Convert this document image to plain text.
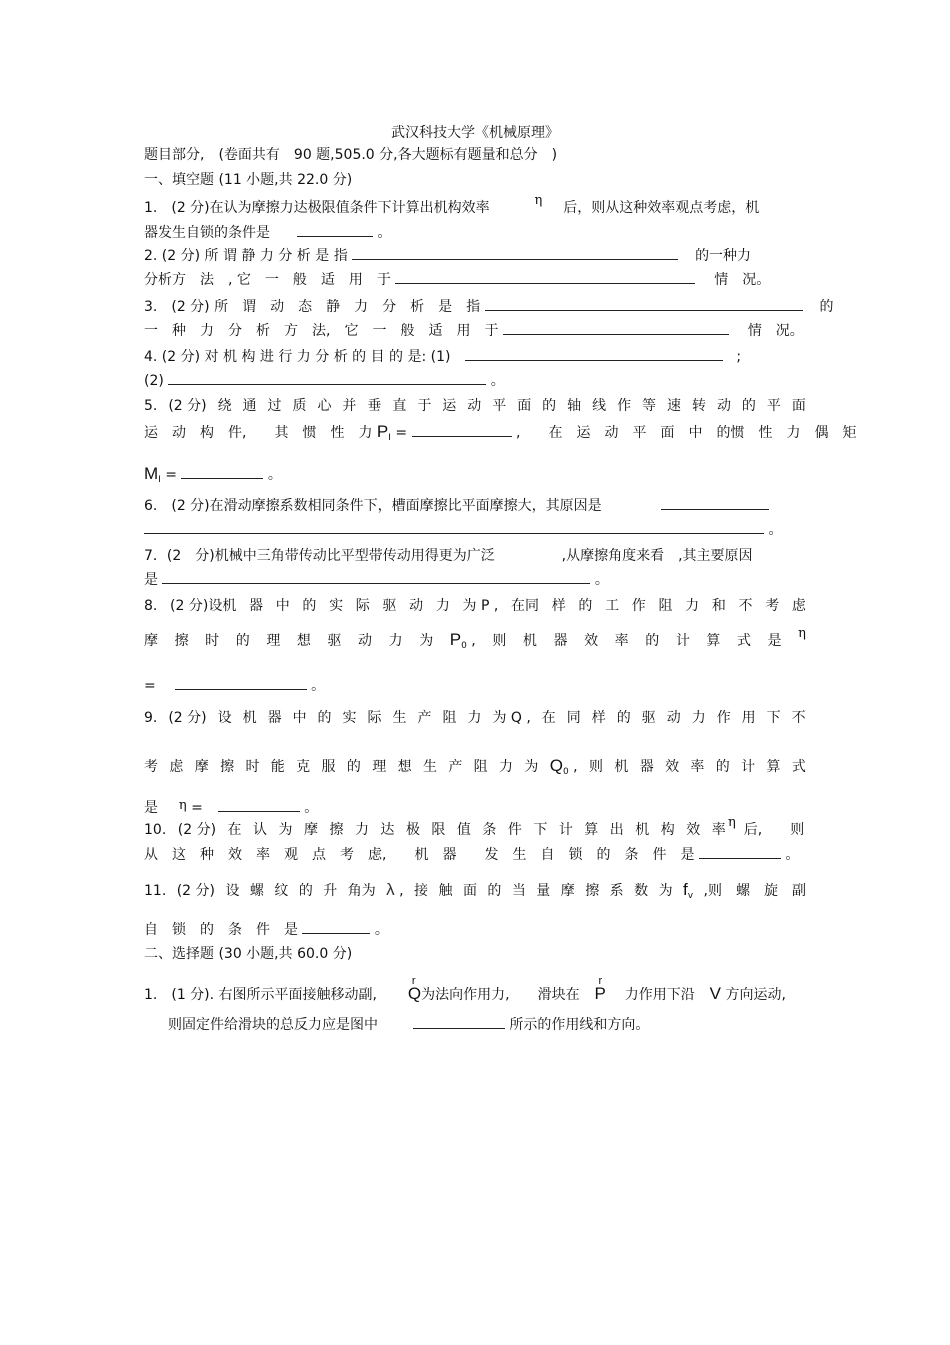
武汉科技大学《机械原理》
题目部分,　(卷面共有　90 题,505.0 分,各大题标有题量和总分　)
一、填空题 (11 小题,共 22.0 分)
1.　(2 分)在认为摩擦力达极限值条件下计算出机构效率	η 后，则从这种效率观点考虑，机
器发生自锁的条件是	。
2. (2 分) 所 谓 静 力 分 析 是 指	的一种力
分析方　法　, 它　一　般　适　用　于	情　况。
3.　(2 分) 所　谓　动　态　静　力　分　析　是　指	的
一　种　力　分　析　方　法,　它　一　般　适　用　于	情　况。
4. (2 分) 对 机 构 进 行 力 分 析 的 目 的 是: (1)	;
(2)	。
5. (2 分) 绕 通 过 质 心 并 垂 直 于 运 动 平 面 的 轴 线 作 等 速 转 动 的 平 面
运　动　构　件,　　其　惯　性　力 $P_I$ =	,　　在　运　动　平　面　中　的惯　性　力　偶　矩
$M_I$ =	。
6.　(2 分)在滑动摩擦系数相同条件下，槽面摩擦比平面摩擦大，其原因是
。
7．(2　分)机械中三角带传动比平型带传动用得更为广泛	,从摩擦角度来看　,其主要原因
是	。
8. (2 分)设机 器 中 的 实 际 驱 动 力 为 P , 在同 样 的 工 作 阻 力 和 不 考 虑
摩 擦 时 的 理 想 驱 动 力 为 $P_0$ , 则 机 器 效 率 的 计 算 式 是 η
=	。
9. (2 分) 设 机 器 中 的 实 际 生 产 阻 力 为 Q , 在 同 样 的 驱 动 力 作 用 下 不
考 虑 摩 擦 时 能 克 服 的 理 想 生 产 阻 力 为 $Q_0$ , 则 机 器 效 率 的 计 算 式
是 η =	。
10. (2 分) 在 认 为 摩 擦 力 达 极 限 值 条 件 下 计 算 出 机 构 效 率 η 后,　　则
从　这　种　效　率　观　点　考　虑,　　机　器　　发　生　自　锁　的　条　件　是	。
11. (2 分) 设 螺 纹 的 升 角为 λ , 接 触 面 的 当 量 摩 擦 系 数 为 $f_v$ ,则　螺　旋　副
自　锁　的　条　件　是	。
二、选择题 (30 小题,共 60.0 分)
1.　(1 分). 右图所示平面接触移动副,
r
Q为法向作用力,　　滑块在
r
P 力作用下沿 V 方向运动,
则固定件给滑块的总反力应是图中	所示的作用线和方向。
